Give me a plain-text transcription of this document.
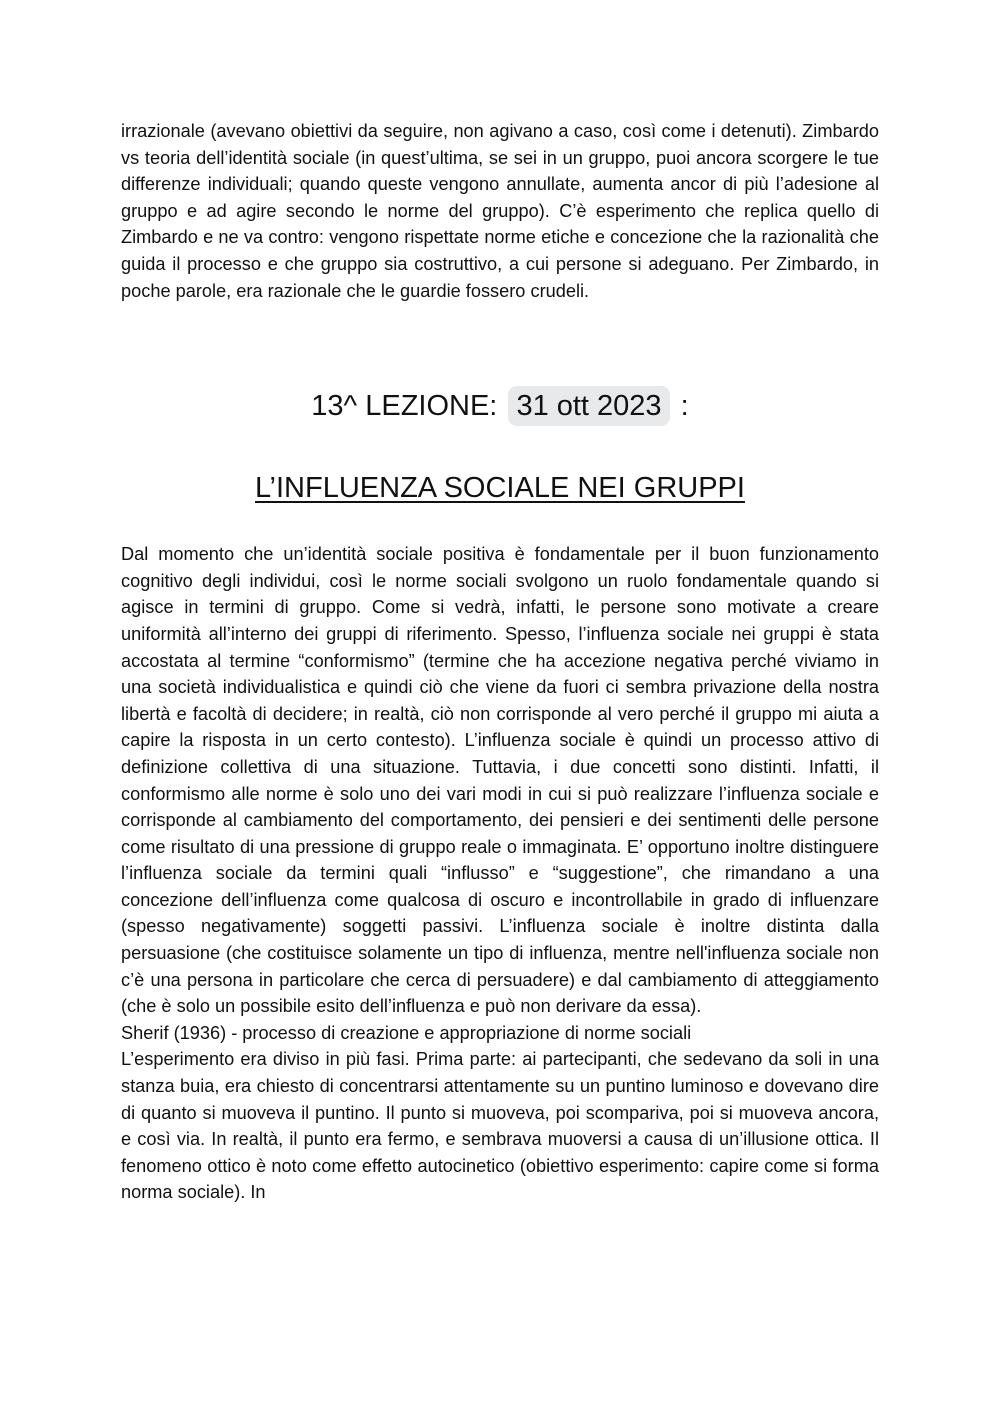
irrazionale (avevano obiettivi da seguire, non agivano a caso, così come i detenuti). Zimbardo vs teoria dell’identità sociale (in quest’ultima, se sei in un gruppo, puoi ancora scorgere le tue differenze individuali; quando queste vengono annullate, aumenta ancor di più l’adesione al gruppo e ad agire secondo le norme del gruppo). C’è esperimento che replica quello di Zimbardo e ne va contro: vengono rispettate norme etiche e concezione che la razionalità che guida il processo e che gruppo sia costruttivo, a cui persone si adeguano. Per Zimbardo, in poche parole, era razionale che le guardie fossero crudeli.

13^ LEZIONE: 31 ott 2023 :
L’INFLUENZA SOCIALE NEI GRUPPI

Dal momento che un’identità sociale positiva è fondamentale per il buon funzionamento cognitivo degli individui, così le norme sociali svolgono un ruolo fondamentale quando si agisce in termini di gruppo. Come si vedrà, infatti, le persone sono motivate a creare uniformità all’interno dei gruppi di riferimento. Spesso, l’influenza sociale nei gruppi è stata accostata al termine “conformismo” (termine che ha accezione negativa perché viviamo in una società individualistica e quindi ciò che viene da fuori ci sembra privazione della nostra libertà e facoltà di decidere; in realtà, ciò non corrisponde al vero perché il gruppo mi aiuta a capire la risposta in un certo contesto). L’influenza sociale è quindi un processo attivo di definizione collettiva di una situazione. Tuttavia, i due concetti sono distinti. Infatti, il conformismo alle norme è solo uno dei vari modi in cui si può realizzare l’influenza sociale e corrisponde al cambiamento del comportamento, dei pensieri e dei sentimenti delle persone come risultato di una pressione di gruppo reale o immaginata. E’ opportuno inoltre distinguere l’influenza sociale da termini quali “influsso” e “suggestione”, che rimandano a una concezione dell’influenza come qualcosa di oscuro e incontrollabile in grado di influenzare (spesso negativamente) soggetti passivi. L’influenza sociale è inoltre distinta dalla persuasione (che costituisce solamente un tipo di influenza, mentre nell'influenza sociale non c’è una persona in particolare che cerca di persuadere) e dal cambiamento di atteggiamento (che è solo un possibile esito dell’influenza e può non derivare da essa).

Sherif (1936) - processo di creazione e appropriazione di norme sociali

L’esperimento era diviso in più fasi. Prima parte: ai partecipanti, che sedevano da soli in una stanza buia, era chiesto di concentrarsi attentamente su un puntino luminoso e dovevano dire di quanto si muoveva il puntino. Il punto si muoveva, poi scompariva, poi si muoveva ancora, e così via. In realtà, il punto era fermo, e sembrava muoversi a causa di un’illusione ottica. Il fenomeno ottico è noto come effetto autocinetico (obiettivo esperimento: capire come si forma norma sociale). In
